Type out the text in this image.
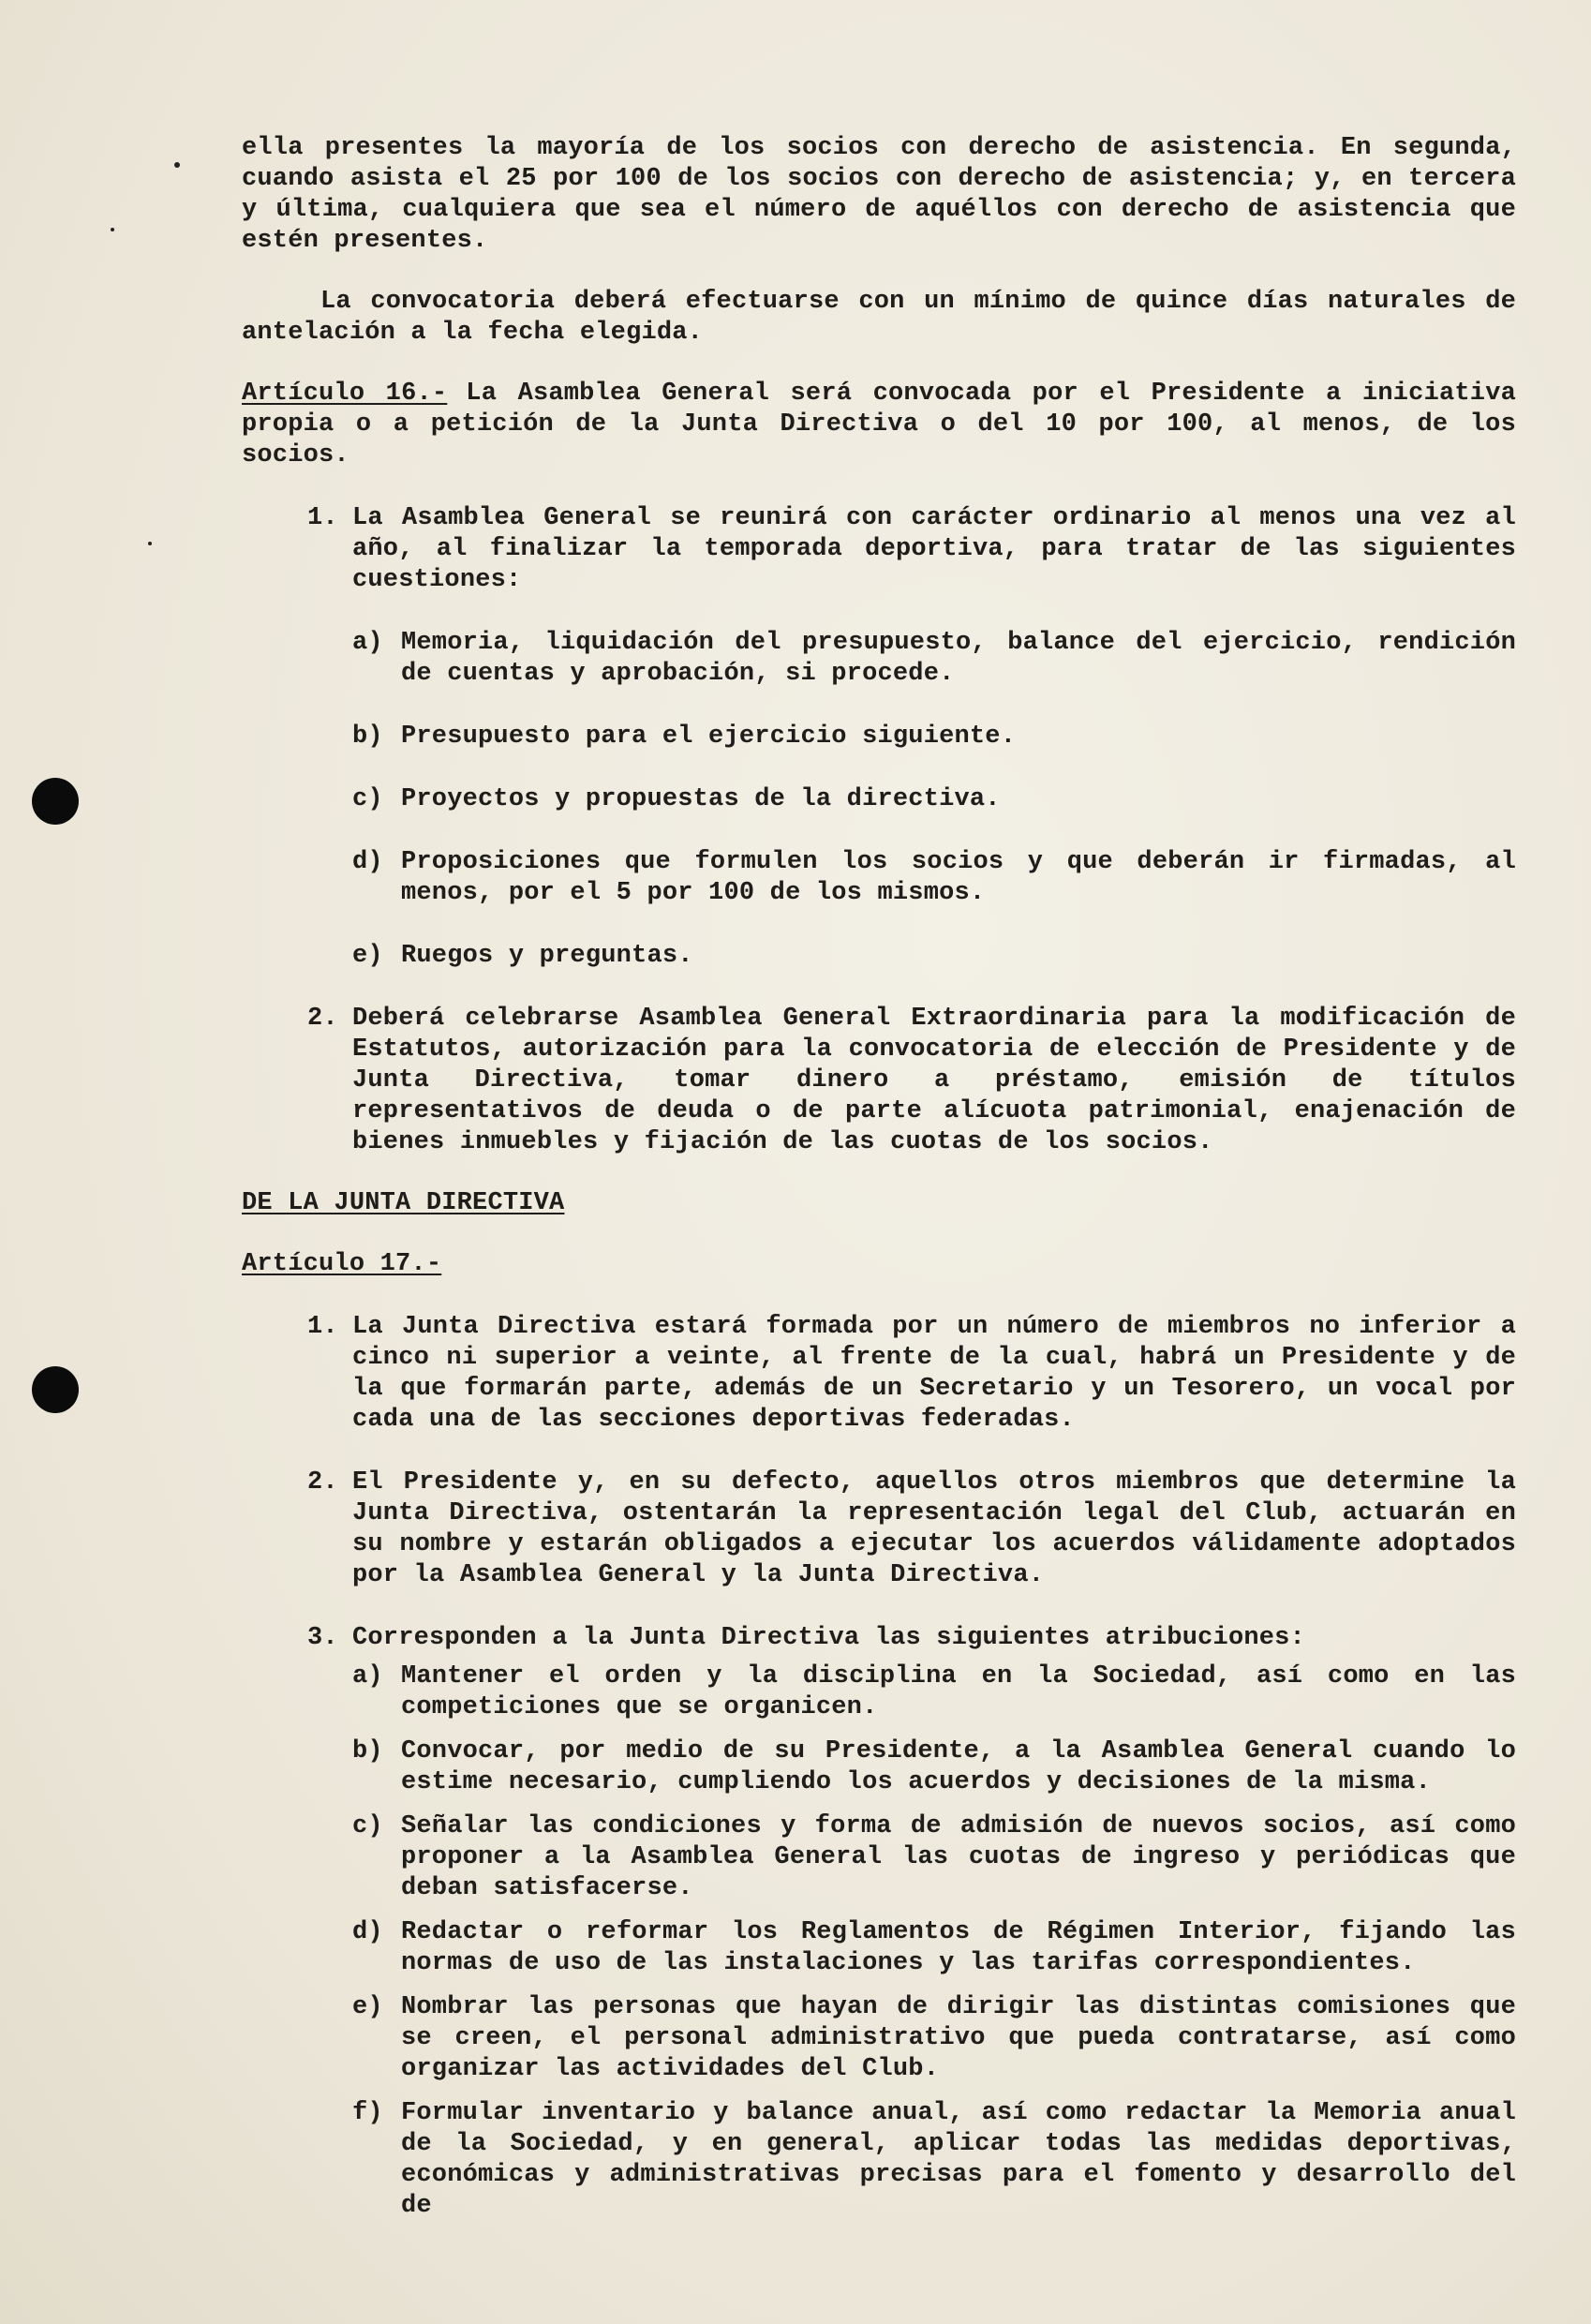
ella presentes la mayoría de los socios con derecho de asistencia. En segunda, cuando asista el 25 por 100 de los socios con derecho de asistencia; y, en tercera y última, cualquiera que sea el número de aquéllos con derecho de asistencia que estén presentes.

La convocatoria deberá efectuarse con un mínimo de quince días naturales de antelación a la fecha elegida.

Artículo 16.- La Asamblea General será convocada por el Presidente a iniciativa propia o a petición de la Junta Directiva o del 10 por 100, al menos, de los socios.

1. La Asamblea General se reunirá con carácter ordinario al menos una vez al año, al finalizar la temporada deportiva, para tratar de las siguientes cuestiones:

a) Memoria, liquidación del presupuesto, balance del ejercicio, rendición de cuentas y aprobación, si procede.

b) Presupuesto para el ejercicio siguiente.

c) Proyectos y propuestas de la directiva.

d) Proposiciones que formulen los socios y que deberán ir firmadas, al menos, por el 5 por 100 de los mismos.

e) Ruegos y preguntas.

2. Deberá celebrarse Asamblea General Extraordinaria para la modificación de Estatutos, autorización para la convocatoria de elección de Presidente y de Junta Directiva, tomar dinero a préstamo, emisión de títulos representativos de deuda o de parte alícuota patrimonial, enajenación de bienes inmuebles y fijación de las cuotas de los socios.

DE LA JUNTA DIRECTIVA

Artículo 17.-

1. La Junta Directiva estará formada por un número de miembros no inferior a cinco ni superior a veinte, al frente de la cual, habrá un Presidente y de la que formarán parte, además de un Secretario y un Tesorero, un vocal por cada una de las secciones deportivas federadas.

2. El Presidente y, en su defecto, aquellos otros miembros que determine la Junta Directiva, ostentarán la representación legal del Club, actuarán en su nombre y estarán obligados a ejecutar los acuerdos válidamente adoptados por la Asamblea General y la Junta Directiva.

3. Corresponden a la Junta Directiva las siguientes atribuciones:

a) Mantener el orden y la disciplina en la Sociedad, así como en las competiciones que se organicen.

b) Convocar, por medio de su Presidente, a la Asamblea General cuando lo estime necesario, cumpliendo los acuerdos y decisiones de la misma.

c) Señalar las condiciones y forma de admisión de nuevos socios, así como proponer a la Asamblea General las cuotas de ingreso y periódicas que deban satisfacerse.

d) Redactar o reformar los Reglamentos de Régimen Interior, fijando las normas de uso de las instalaciones y las tarifas correspondientes.

e) Nombrar las personas que hayan de dirigir las distintas comisiones que se creen, el personal administrativo que pueda contratarse, así como organizar las actividades del Club.

f) Formular inventario y balance anual, así como redactar la Memoria anual de la Sociedad, y en general, aplicar todas las medidas deportivas, económicas y administrativas precisas para el fomento y desarrollo del de
